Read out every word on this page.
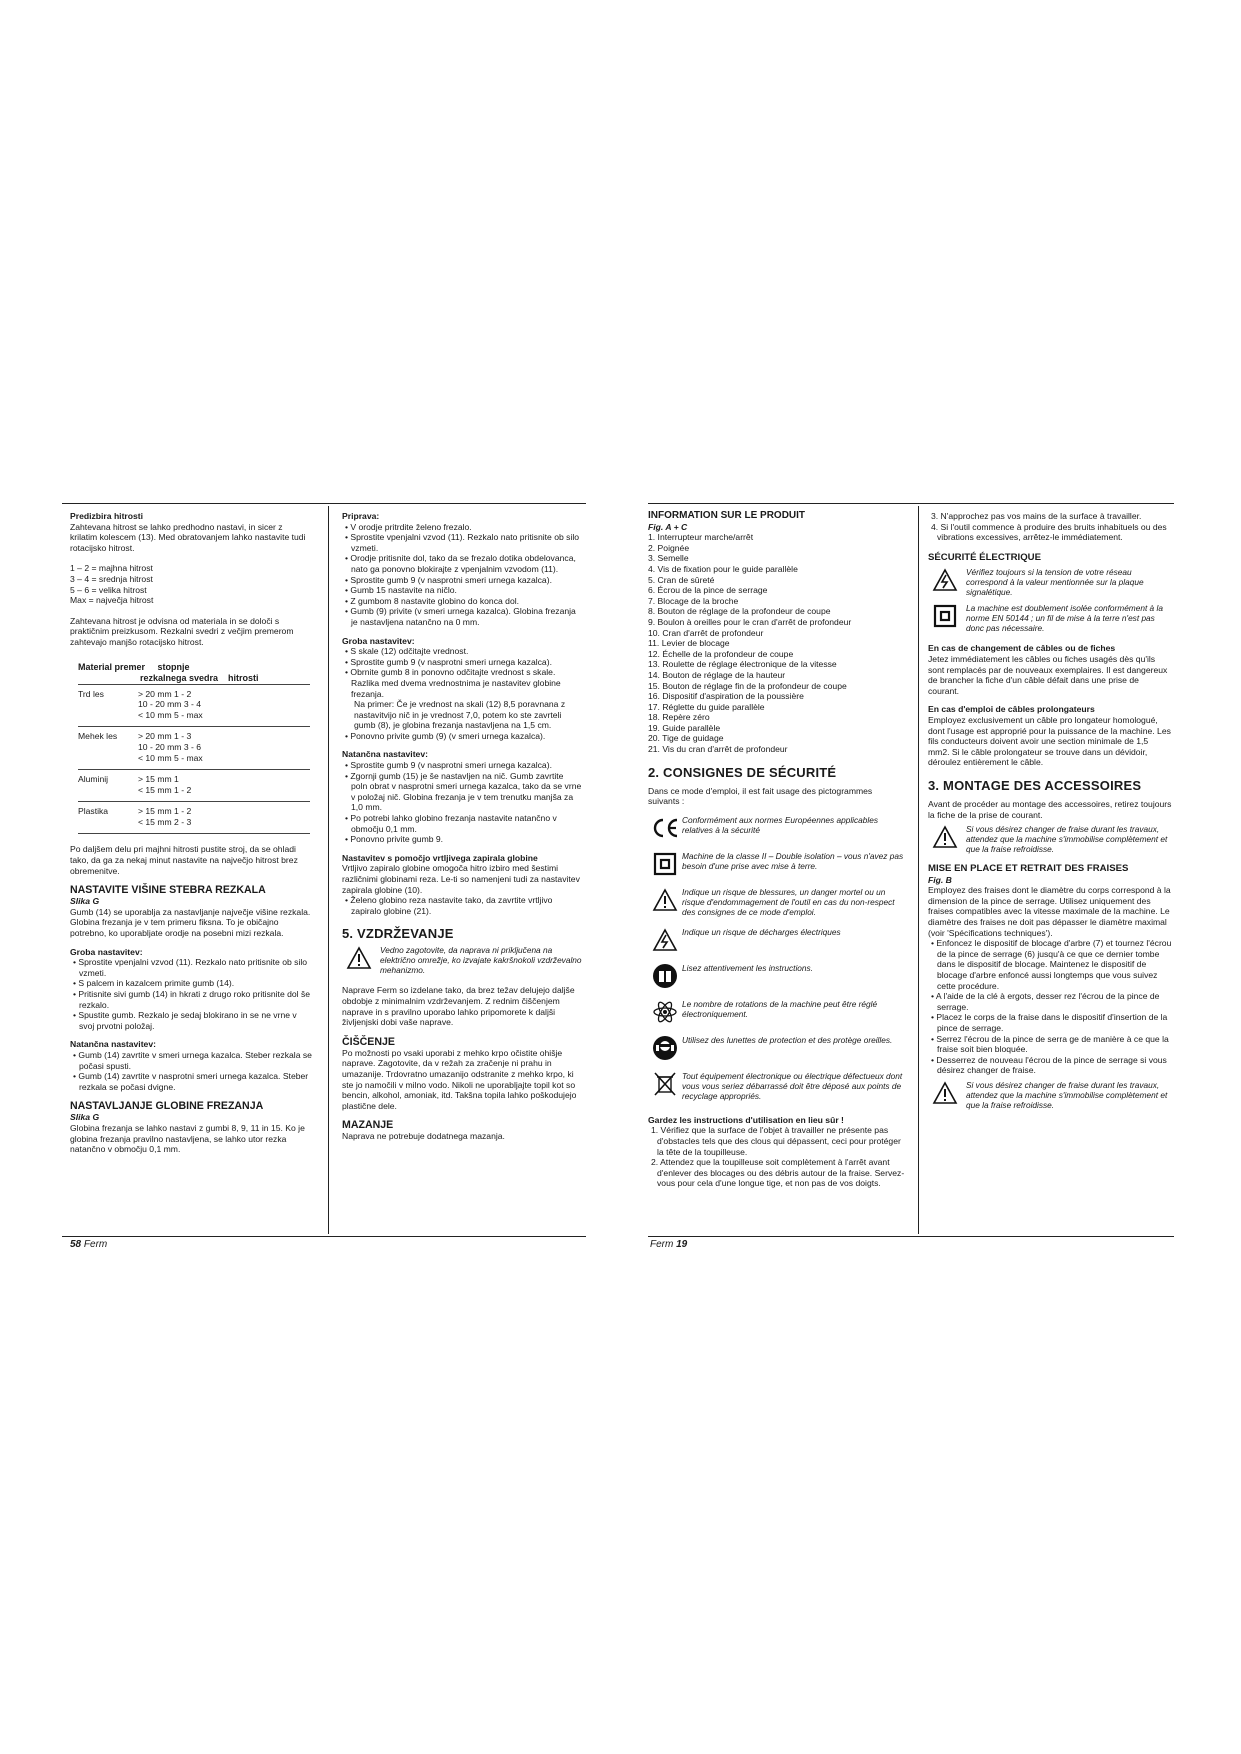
58 Ferm

Predizbira hitrosti

Zahtevana hitrost se lahko predhodno nastavi, in sicer z krilatim kolescem (13). Med obratovanjem lahko nastavite tudi rotacijsko hitrost.

1 – 2 = majhna hitrost

3 – 4 = srednja hitrost

5 – 6 = velika hitrost

Max = največja hitrost

Zahtevana hitrost je odvisna od materiala in se določi s praktičnim preizkusom. Rezkalni svedri z večjim premerom zahtevajo manjšo rotacijsko hitrost.

Material premer     stopnje
rezkalnega svedra    hitrosti
Trd les	> 20 mm 1 - 2
10 - 20 mm 3 - 4
< 10 mm 5 - max
Mehek les > 20 mm 1 - 3
10 - 20 mm 3 - 6
< 10 mm 5 - max
Aluminij	> 15 mm 1
< 15 mm 1 - 2
Plastika	> 15 mm 1 - 2
< 15 mm 2 - 3

Po daljšem delu pri majhni hitrosti pustite stroj, da se ohladi tako, da ga za nekaj minut nastavite na največjo hitrost brez obremenitve.

NASTAVITE VIŠINE STEBRA REZKALA

Slika G

Gumb (14) se uporablja za nastavljanje največje višine rezkala.

Globina frezanja je v tem primeru fiksna. To je običajno potrebno, ko uporabljate orodje na posebni mizi rezkala.

Groba nastavitev:

• Sprostite vpenjalni vzvod (11). Rezkalo nato pritisnite ob silo vzmeti.

• S palcem in kazalcem primite gumb (14).

• Pritisnite sivi gumb (14) in hkrati z drugo roko pritisnite dol še rezkalo.

• Spustite gumb. Rezkalo je sedaj blokirano in se ne vrne v svoj prvotni položaj.

Natančna nastavitev:

• Gumb (14) zavrtite v smeri urnega kazalca. Steber rezkala se počasi spusti.

• Gumb (14) zavrtite v nasprotni smeri urnega kazalca. Steber rezkala se počasi dvigne.

NASTAVLJANJE GLOBINE FREZANJA

Slika G

Globina frezanja se lahko nastavi z gumbi 8, 9, 11 in 15. Ko je globina frezanja pravilno nastavljena, se lahko utor rezka natančno v območju 0,1 mm.

Priprava:

• V orodje pritrdite želeno frezalo.

• Sprostite vpenjalni vzvod (11). Rezkalo nato pritisnite ob silo vzmeti.

• Orodje pritisnite dol, tako da se frezalo dotika obdelovanca, nato ga ponovno blokirajte z vpenjalnim vzvodom (11).

• Sprostite gumb 9 (v nasprotni smeri urnega kazalca).

• Gumb 15 nastavite na ničlo.

• Z gumbom 8 nastavite globino do konca dol.

• Gumb (9) privite (v smeri urnega kazalca). Globina frezanja je nastavljena natančno na 0 mm.

Groba nastavitev:

• S skale (12) odčitajte vrednost.

• Sprostite gumb 9 (v nasprotni smeri urnega kazalca).

• Obrnite gumb 8 in ponovno odčitajte vrednost s skale. Razlika med dvema vrednostnima je nastavitev globine frezanja.

Na primer: Če je vrednost na skali (12) 8,5 poravnana z nastavitvijo nič in je vrednost 7,0, potem ko ste zavrteli gumb (8), je globina frezanja nastavljena na 1,5 cm.

• Ponovno privite gumb (9) (v smeri urnega kazalca).

Natančna nastavitev:

• Sprostite gumb 9 (v nasprotni smeri urnega kazalca).

• Zgornji gumb (15) je še nastavljen na nič. Gumb zavrtite poln obrat v nasprotni smeri urnega kazalca, tako da se vrne v položaj nič. Globina frezanja je v tem trenutku manjša za 1,0 mm.

• Po potrebi lahko globino frezanja nastavite natančno v območju 0,1 mm.

• Ponovno privite gumb 9.

Nastavitev s pomočjo vrtljivega zapirala globine

Vrtljivo zapiralo globine omogoča hitro izbiro med šestimi različnimi globinami reza. Le-ti so namenjeni tudi za nastavitev zapirala globine (10).

• Želeno globino reza nastavite tako, da zavrtite vrtljivo zapiralo globine (21).

5. VZDRŽEVANJE

Vedno zagotovite, da naprava ni priključena na električno omrežje, ko izvajate kakršnokoli vzdrževalno mehanizmo.

Naprave Ferm so izdelane tako, da brez težav delujejo daljše obdobje z minimalnim vzdrževanjem. Z rednim čiščenjem naprave in s pravilno uporabo lahko pripomorete k daljši življenjski dobi vaše naprave.

ČIŠČENJE

Po možnosti po vsaki uporabi z mehko krpo očistite ohišje naprave. Zagotovite, da v režah za zračenje ni prahu in umazanije. Trdovratno umazanijo odstranite z mehko krpo, ki ste jo namočili v milno vodo. Nikoli ne uporabljajte topil kot so bencin, alkohol, amoniak, itd. Takšna topila lahko poškodujejo plastične dele.

MAZANJE

Naprava ne potrebuje dodatnega mazanja.

Ferm 19

INFORMATION SUR LE PRODUIT

Fig. A + C

1. Interrupteur marche/arrêt

2. Poignée

3. Semelle

4. Vis de fixation pour le guide parallèle

5. Cran de sûreté

6. Écrou de la pince de serrage

7. Blocage de la broche

8. Bouton de réglage de la profondeur de coupe

9. Boulon à oreilles pour le cran d'arrêt de profondeur

10. Cran d'arrêt de profondeur

11. Levier de blocage

12. Échelle de la profondeur de coupe

13. Roulette de réglage électronique de la vitesse

14. Bouton de réglage de la hauteur

15. Bouton de réglage fin de la profondeur de coupe

16. Dispositif d'aspiration de la poussière

17. Réglette du guide parallèle

18. Repère zéro

19. Guide parallèle

20. Tige de guidage

21. Vis du cran d'arrêt de profondeur

2. CONSIGNES DE SÉCURITÉ

Dans ce mode d'emploi, il est fait usage des pictogrammes suivants :

Conformément aux normes Européennes applicables relatives à la sécurité
Machine de la classe II – Double isolation – vous n'avez pas besoin d'une prise avec mise à terre.
Indique un risque de blessures, un danger mortel ou un risque d'endommagement de l'outil en cas du non-respect des consignes de ce mode d'emploi.
Indique un risque de décharges électriques
Lisez attentivement les instructions.
Le nombre de rotations de la machine peut être réglé électroniquement.
Utilisez des lunettes de protection et des protège oreilles.
Tout équipement électronique ou électrique défectueux dont vous vous seriez débarrassé doit être déposé aux points de recyclage appropriés.

Gardez les instructions d'utilisation en lieu sûr !

1. Vérifiez que la surface de l'objet à travailler ne présente pas d'obstacles tels que des clous qui dépassent, ceci pour protéger la tête de la toupilleuse.

2. Attendez que la toupilleuse soit complètement à l'arrêt avant d'enlever des blocages ou des débris autour de la fraise. Servez-vous pour cela d'une longue tige, et non pas de vos doigts.

3. N'approchez pas vos mains de la surface à travailler.

4. Si l'outil commence à produire des bruits inhabituels ou des vibrations excessives, arrêtez-le immédiatement.

SÉCURITÉ ÉLECTRIQUE

Vérifiez toujours si la tension de votre réseau correspond à la valeur mentionnée sur la plaque signalétique.
La machine est doublement isolée conformément à la norme EN 50144 ; un fil de mise à la terre n'est pas donc pas nécessaire.

En cas de changement de câbles ou de fiches

Jetez immédiatement les câbles ou fiches usagés dès qu'ils sont remplacés par de nouveaux exemplaires. Il est dangereux de brancher la fiche d'un câble défait dans une prise de courant.

En cas d'emploi de câbles prolongateurs

Employez exclusivement un câble pro longateur homologué, dont l'usage est approprié pour la puissance de la machine. Les fils conducteurs doivent avoir une section minimale de 1,5 mm2. Si le câble prolongateur se trouve dans un dévidoir, déroulez entièrement le câble.

3. MONTAGE DES ACCESSOIRES

Avant de procéder au montage des accessoires, retirez toujours la fiche de la prise de courant.

Si vous désirez changer de fraise durant les travaux, attendez que la machine s'immobilise complètement et que la fraise refroidisse.

MISE EN PLACE ET RETRAIT DES FRAISES

Fig. B

Employez des fraises dont le diamètre du corps correspond à la dimension de la pince de serrage. Utilisez uniquement des fraises compatibles avec la vitesse maximale de la machine. Le diamètre des fraises ne doit pas dépasser le diamètre maximal (voir 'Spécifications techniques').

• Enfoncez le dispositif de blocage d'arbre (7) et tournez l'écrou de la pince de serrage (6) jusqu'à ce que ce dernier tombe dans le dispositif de blocage. Maintenez le dispositif de blocage d'arbre enfoncé aussi longtemps que vous suivez cette procédure.

• A l'aide de la clé à ergots, desser rez l'écrou de la pince de serrage.

• Placez le corps de la fraise dans le dispositif d'insertion de la pince de serrage.

• Serrez l'écrou de la pince de serra ge de manière à ce que la fraise soit bien bloquée.

• Desserrez de nouveau l'écrou de la pince de serrage si vous désirez changer de fraise.

Si vous désirez changer de fraise durant les travaux, attendez que la machine s'immobilise complètement et que la fraise refroidisse.
